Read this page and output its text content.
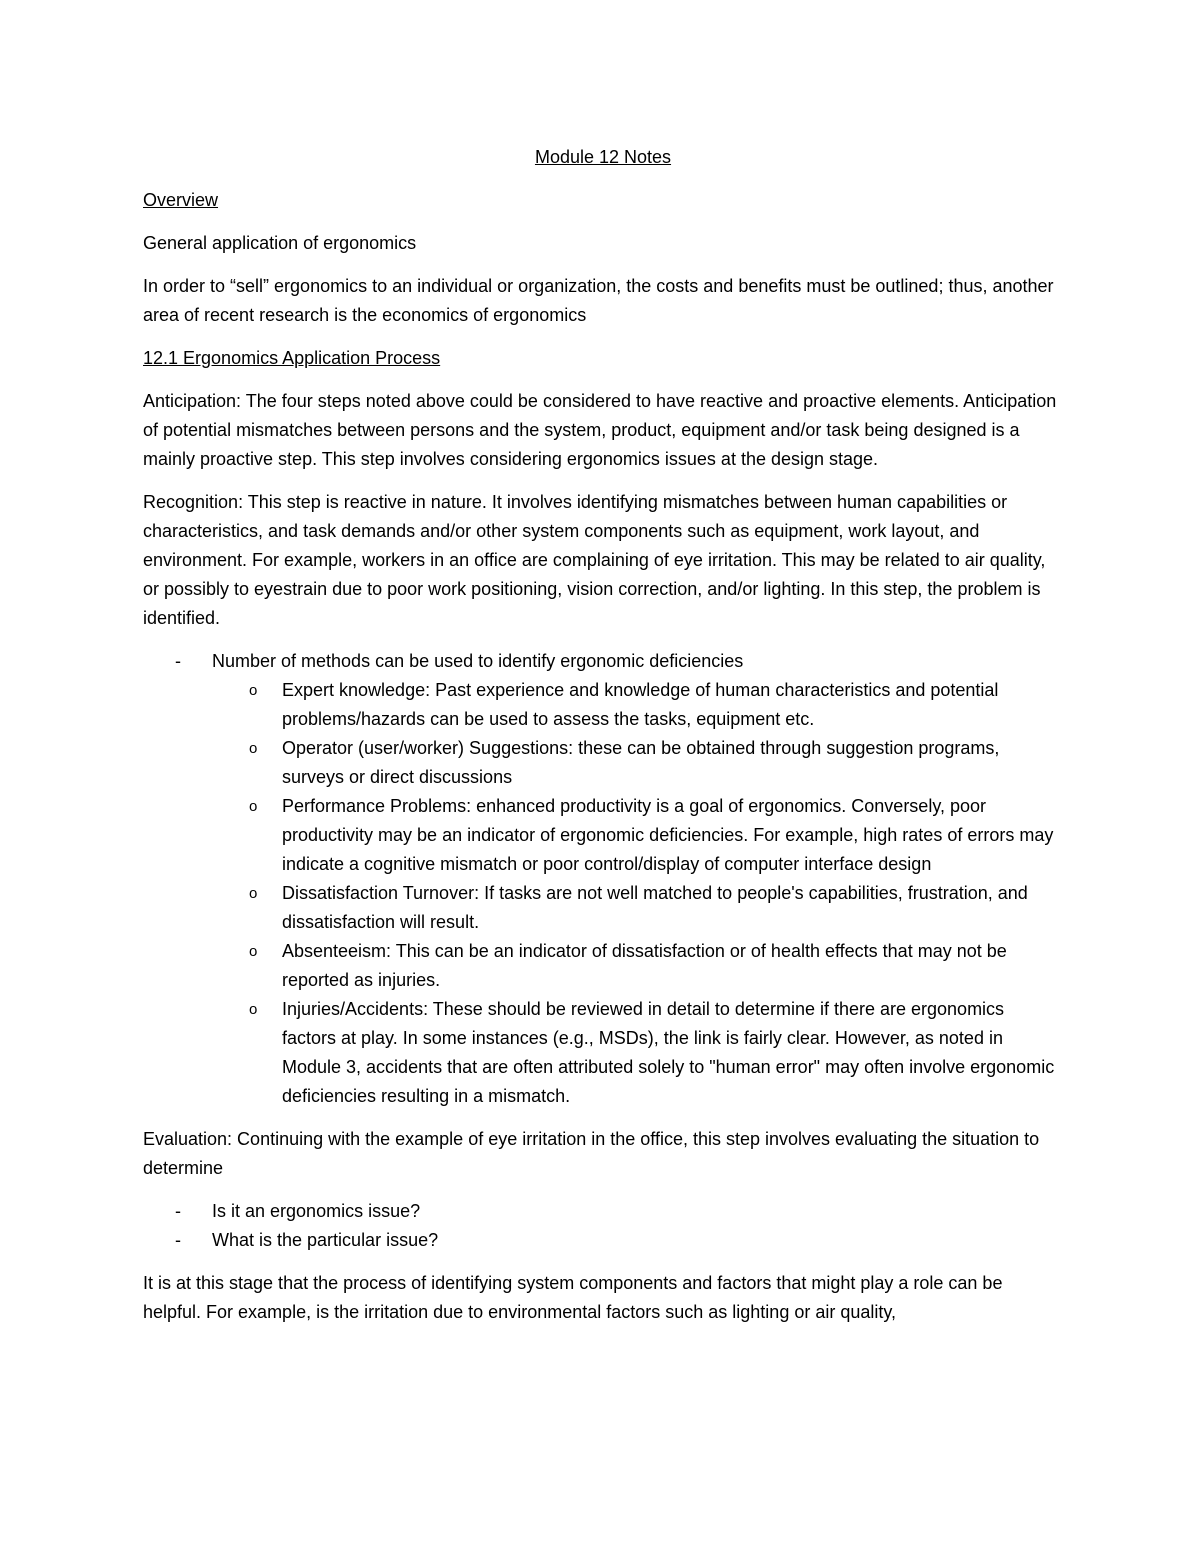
Module 12 Notes
Overview

General application of ergonomics

In order to “sell” ergonomics to an individual or organization, the costs and benefits must be outlined; thus, another area of recent research is the economics of ergonomics

12.1 Ergonomics Application Process

Anticipation: The four steps noted above could be considered to have reactive and proactive elements. Anticipation of potential mismatches between persons and the system, product, equipment and/or task being designed is a mainly proactive step. This step involves considering ergonomics issues at the design stage.

Recognition: This step is reactive in nature. It involves identifying mismatches between human capabilities or characteristics, and task demands and/or other system components such as equipment, work layout, and environment. For example, workers in an office are complaining of eye irritation. This may be related to air quality, or possibly to eyestrain due to poor work positioning, vision correction, and/or lighting. In this step, the problem is identified.

- Number of methods can be used to identify ergonomic deficiencies
o Expert knowledge: Past experience and knowledge of human characteristics and potential problems/hazards can be used to assess the tasks, equipment etc.
o Operator (user/worker) Suggestions: these can be obtained through suggestion programs, surveys or direct discussions
o Performance Problems: enhanced productivity is a goal of ergonomics. Conversely, poor productivity may be an indicator of ergonomic deficiencies. For example, high rates of errors may indicate a cognitive mismatch or poor control/display of computer interface design
o Dissatisfaction Turnover: If tasks are not well matched to people's capabilities, frustration, and dissatisfaction will result.
o Absenteeism: This can be an indicator of dissatisfaction or of health effects that may not be reported as injuries.
o Injuries/Accidents: These should be reviewed in detail to determine if there are ergonomics factors at play. In some instances (e.g., MSDs), the link is fairly clear. However, as noted in Module 3, accidents that are often attributed solely to "human error" may often involve ergonomic deficiencies resulting in a mismatch.

Evaluation: Continuing with the example of eye irritation in the office, this step involves evaluating the situation to determine

- Is it an ergonomics issue?
- What is the particular issue?

It is at this stage that the process of identifying system components and factors that might play a role can be helpful. For example, is the irritation due to environmental factors such as lighting or air quality,
